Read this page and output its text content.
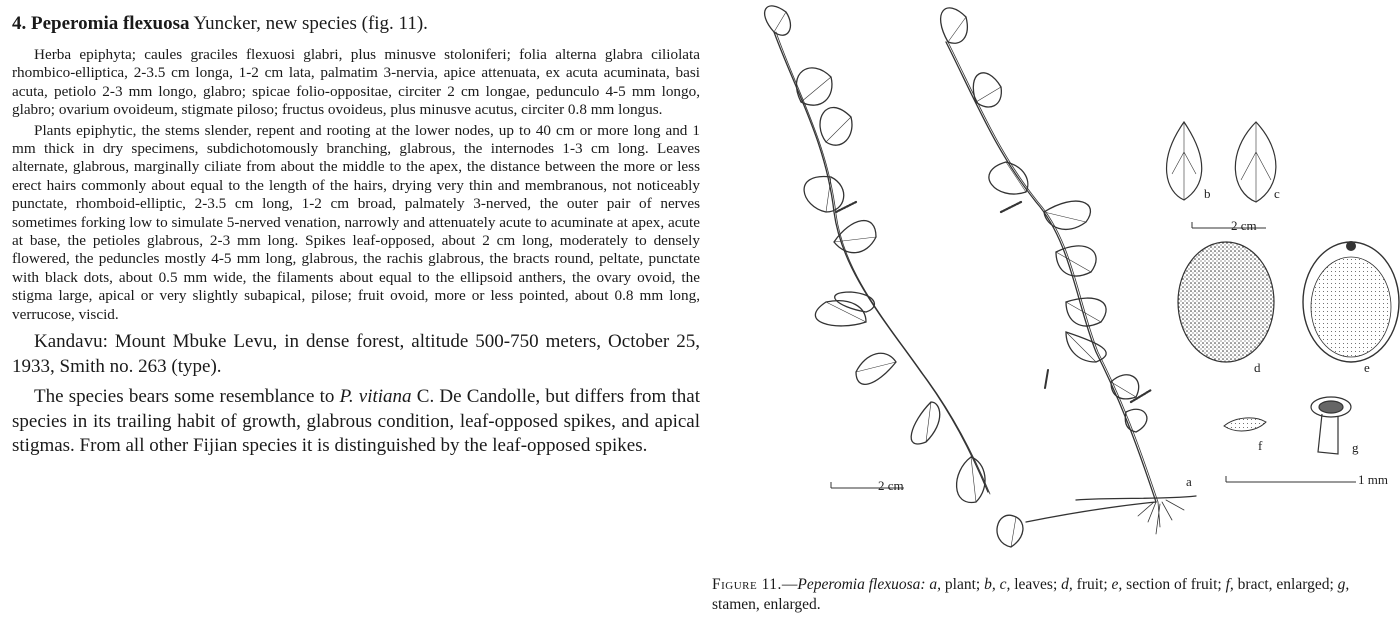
4. Peperomia flexuosa Yuncker, new species (fig. 11).

Herba epiphyta; caules graciles flexuosi glabri, plus minusve stoloniferi; folia alterna glabra ciliolata rhombico-elliptica, 2-3.5 cm longa, 1-2 cm lata, palmatim 3-nervia, apice attenuata, ex acuta acuminata, basi acuta, petiolo 2-3 mm longo, glabro; spicae folio-oppositae, circiter 2 cm longae, pedunculo 4-5 mm longo, glabro; ovarium ovoideum, stigmate piloso; fructus ovoideus, plus minusve acutus, circiter 0.8 mm longus.

Plants epiphytic, the stems slender, repent and rooting at the lower nodes, up to 40 cm or more long and 1 mm thick in dry specimens, subdichotomously branching, glabrous, the internodes 1-3 cm long. Leaves alternate, glabrous, marginally ciliate from about the middle to the apex, the distance between the more or less erect hairs commonly about equal to the length of the hairs, drying very thin and membranous, not noticeably punctate, rhomboid-elliptic, 2-3.5 cm long, 1-2 cm broad, palmately 3-nerved, the outer pair of nerves sometimes forking low to simulate 5-nerved venation, narrowly and attenuately acute to acuminate at apex, acute at base, the petioles glabrous, 2-3 mm long. Spikes leaf-opposed, about 2 cm long, moderately to densely flowered, the peduncles mostly 4-5 mm long, glabrous, the rachis glabrous, the bracts round, peltate, punctate with black dots, about 0.5 mm wide, the filaments about equal to the ellipsoid anthers, the ovary ovoid, the stigma large, apical or very slightly subapical, pilose; fruit ovoid, more or less pointed, about 0.8 mm long, verrucose, viscid.

Kandavu: Mount Mbuke Levu, in dense forest, altitude 500-750 meters, October 25, 1933, Smith no. 263 (type).

The species bears some resemblance to P. vitiana C. De Candolle, but differs from that species in its trailing habit of growth, glabrous condition, leaf-opposed spikes, and apical stigmas. From all other Fijian species it is distinguished by the leaf-opposed spikes.

b	c
2 cm
d	e
f	g
a
2 cm	1 mm
Figure 11.—Peperomia flexuosa: a, plant; b, c, leaves; d, fruit; e, section of fruit; f, bract, enlarged; g, stamen, enlarged.
